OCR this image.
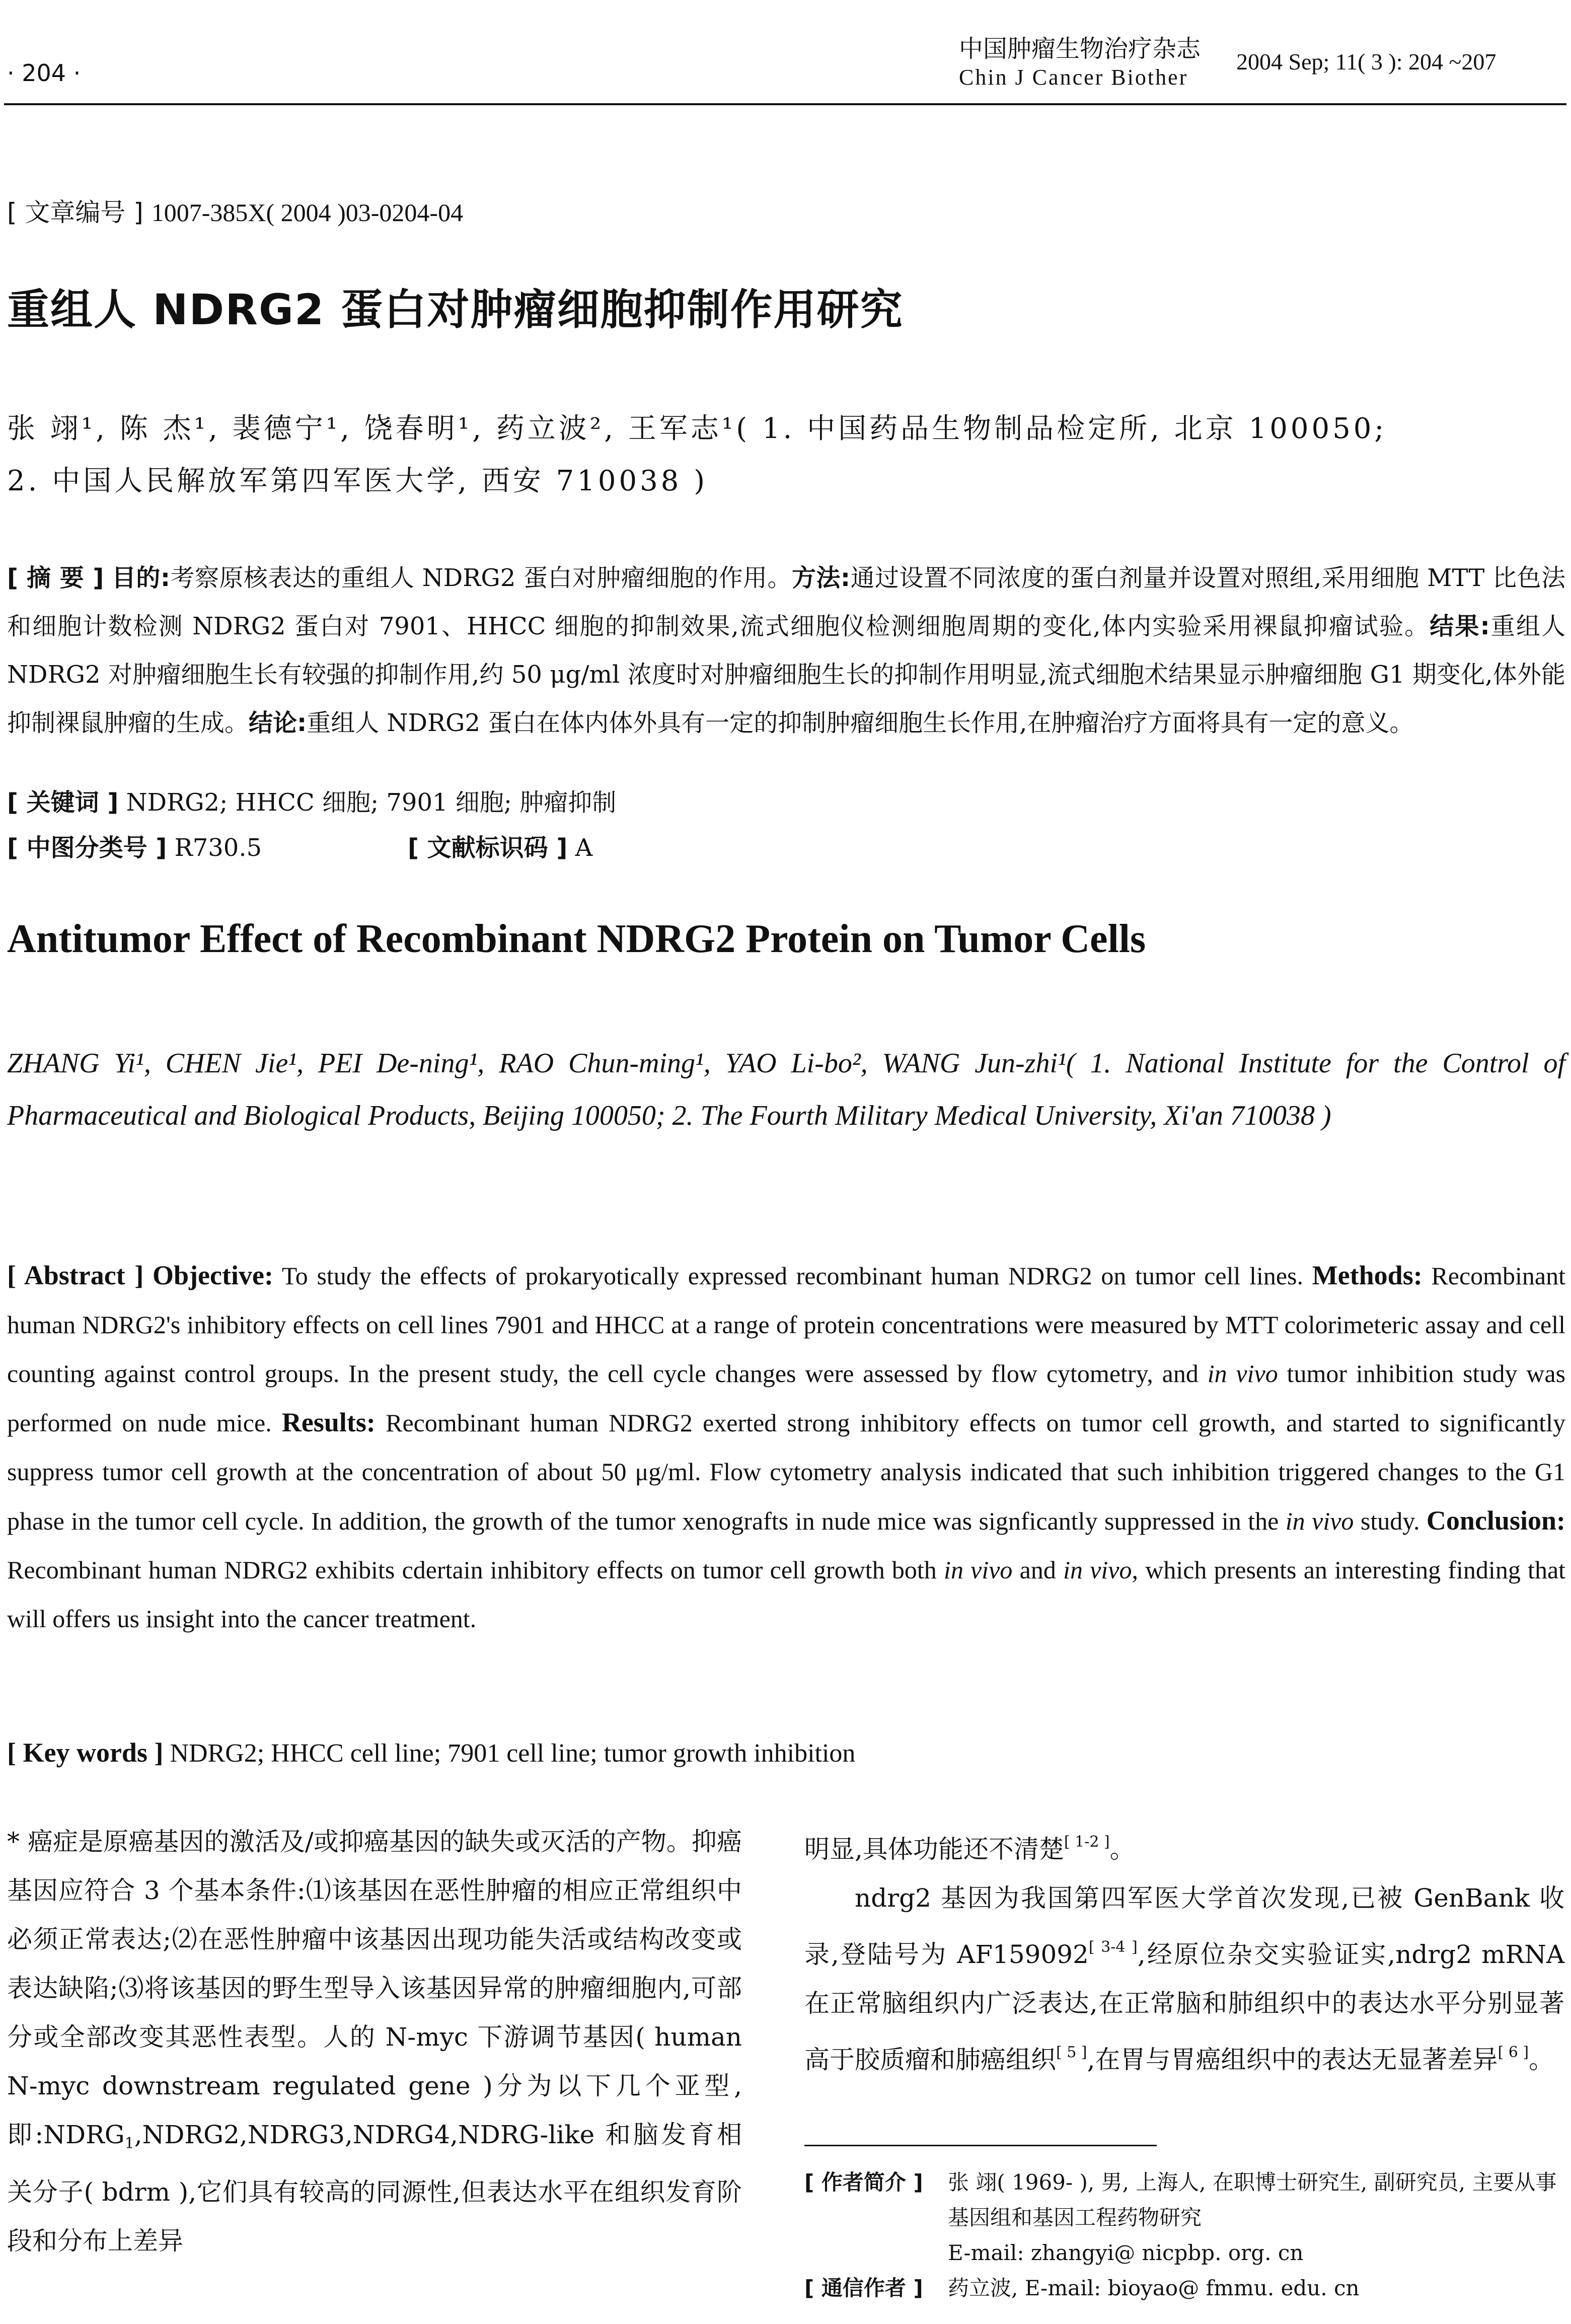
· 204 ·
中国肿瘤生物治疗杂志
Chin J Cancer Biother
2004 Sep; 11( 3 ): 204 ~207
[ 文章编号 ] 1007-385X( 2004 )03-0204-04
重组人 NDRG2 蛋白对肿瘤细胞抑制作用研究
张 翊¹, 陈 杰¹, 裴德宁¹, 饶春明¹, 药立波², 王军志¹( 1. 中国药品生物制品检定所, 北京 100050;
2. 中国人民解放军第四军医大学, 西安 710038 )
[ 摘 要 ] 目的:考察原核表达的重组人 NDRG2 蛋白对肿瘤细胞的作用。方法:通过设置不同浓度的蛋白剂量并设置对照组,采用细胞 MTT 比色法和细胞计数检测 NDRG2 蛋白对 7901、HHCC 细胞的抑制效果,流式细胞仪检测细胞周期的变化,体内实验采用裸鼠抑瘤试验。结果:重组人 NDRG2 对肿瘤细胞生长有较强的抑制作用,约 50 μg/ml 浓度时对肿瘤细胞生长的抑制作用明显,流式细胞术结果显示肿瘤细胞 G1 期变化,体外能抑制裸鼠肿瘤的生成。结论:重组人 NDRG2 蛋白在体内体外具有一定的抑制肿瘤细胞生长作用,在肿瘤治疗方面将具有一定的意义。
[ 关键词 ] NDRG2; HHCC 细胞; 7901 细胞; 肿瘤抑制
[ 中图分类号 ] R730.5	[ 文献标识码 ] A
Antitumor Effect of Recombinant NDRG2 Protein on Tumor Cells
ZHANG Yi¹, CHEN Jie¹, PEI De-ning¹, RAO Chun-ming¹, YAO Li-bo², WANG Jun-zhi¹( 1. National Institute for the Control of Pharmaceutical and Biological Products, Beijing 100050; 2. The Fourth Military Medical University, Xi'an 710038 )
[ Abstract ] Objective: To study the effects of prokaryotically expressed recombinant human NDRG2 on tumor cell lines. Methods: Recombinant human NDRG2's inhibitory effects on cell lines 7901 and HHCC at a range of protein concentrations were measured by MTT colorimeteric assay and cell counting against control groups. In the present study, the cell cycle changes were assessed by flow cytometry, and in vivo tumor inhibition study was performed on nude mice. Results: Recombinant human NDRG2 exerted strong inhibitory effects on tumor cell growth, and started to significantly suppress tumor cell growth at the concentration of about 50 μg/ml. Flow cytometry analysis indicated that such inhibition triggered changes to the G1 phase in the tumor cell cycle. In addition, the growth of the tumor xenografts in nude mice was signficantly suppressed in the in vivo study. Conclusion: Recombinant human NDRG2 exhibits cdertain inhibitory effects on tumor cell growth both in vivo and in vivo, which presents an interesting finding that will offers us insight into the cancer treatment.
[ Key words ] NDRG2; HHCC cell line; 7901 cell line; tumor growth inhibition
* 癌症是原癌基因的激活及/或抑癌基因的缺失或灭活的产物。抑癌基因应符合 3 个基本条件:⑴该基因在恶性肿瘤的相应正常组织中必须正常表达;⑵在恶性肿瘤中该基因出现功能失活或结构改变或表达缺陷;⑶将该基因的野生型导入该基因异常的肿瘤细胞内,可部分或全部改变其恶性表型。人的 N-myc 下游调节基因( human N-myc downstream regulated gene )分为以下几个亚型,即$:NDRG_1,NDRG2,NDRG3,NDRG4,NDRG$-like 和脑发育相关分子( bdrm ),它们具有较高的同源性,但表达水平在组织发育阶段和分布上差异
明显,具体功能还不清楚[ 1-2 ]。
ndrg2 基因为我国第四军医大学首次发现,已被 GenBank 收录,登陆号为 AF159092[ 3-4 ],经原位杂交实验证实,ndrg2 mRNA 在正常脑组织内广泛表达,在正常脑和肺组织中的表达水平分别显著高于胶质瘤和肺癌组织[ 5 ],在胃与胃癌组织中的表达无显著差异[ 6 ]。
[ 作者简介 ]	张 翊( 1969- ), 男, 上海人, 在职博士研究生, 副研究员, 主要从事基因组和基因工程药物研究
E-mail: zhangyi@ nicpbp. org. cn
[ 通信作者 ]	药立波, E-mail: bioyao@ fmmu. edu. cn
